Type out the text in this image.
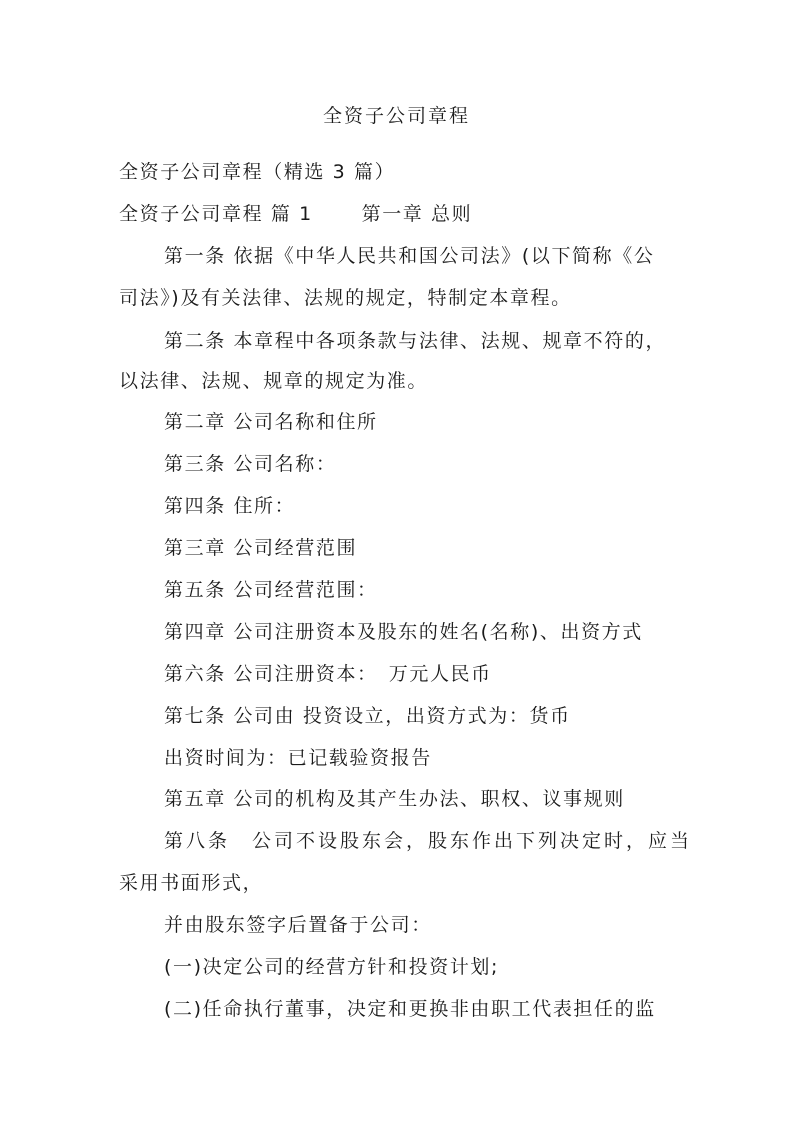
全资子公司章程
全资子公司章程（精选 3 篇）
全资子公司章程 篇 1　　 第一章 总则
第一条 依据《中华人民共和国公司法》(以下简称《公
司法》)及有关法律、法规的规定，特制定本章程。
第二条 本章程中各项条款与法律、法规、规章不符的，
以法律、法规、规章的规定为准。
第二章 公司名称和住所
第三条 公司名称：
第四条 住所：
第三章 公司经营范围
第五条 公司经营范围：
第四章 公司注册资本及股东的姓名(名称)、出资方式
第六条 公司注册资本：　万元人民币
第七条 公司由 投资设立，出资方式为：货币
出资时间为：已记载验资报告
第五章 公司的机构及其产生办法、职权、议事规则
第八条　公司不设股东会，股东作出下列决定时，应当
采用书面形式，
并由股东签字后置备于公司：
(一)决定公司的经营方针和投资计划;
(二)任命执行董事，决定和更换非由职工代表担任的监
